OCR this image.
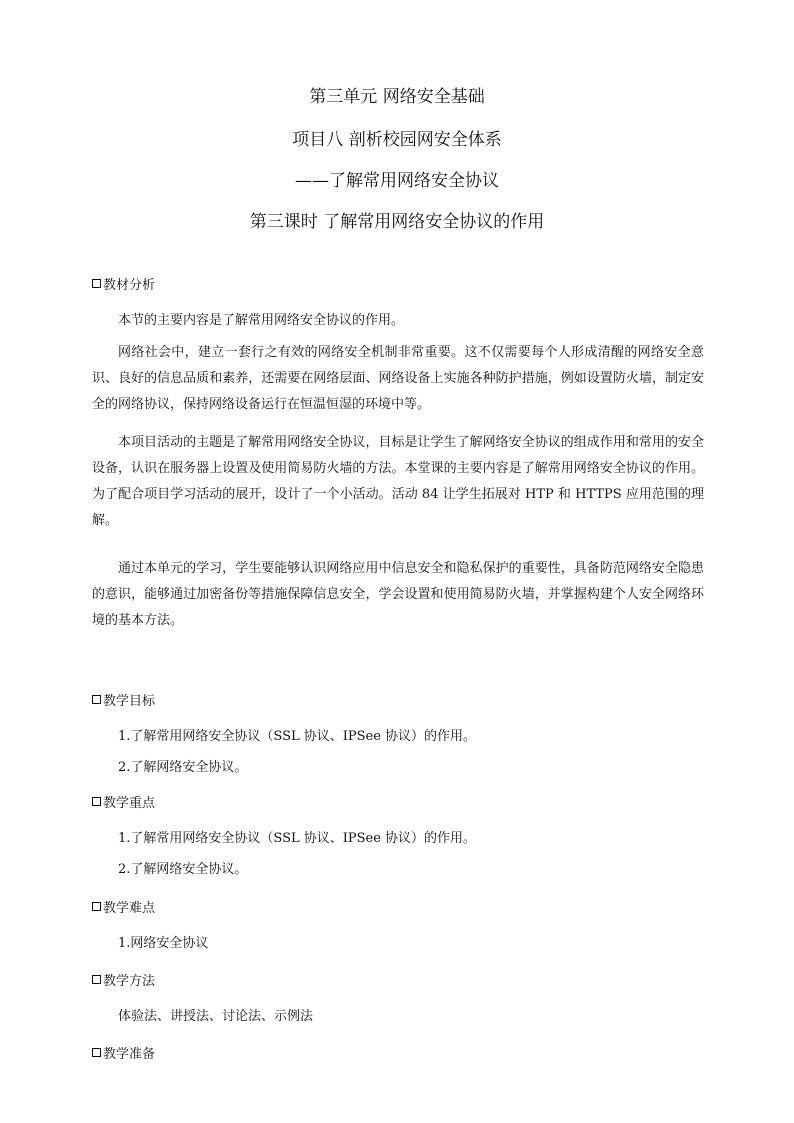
第三单元 网络安全基础
项目八 剖析校园网安全体系
——了解常用网络安全协议
第三课时 了解常用网络安全协议的作用
教材分析
本节的主要内容是了解常用网络安全协议的作用。
网络社会中，建立一套行之有效的网络安全机制非常重要。这不仅需要每个人形成清醒的网络安全意识、良好的信息品质和素养，还需要在网络层面、网络设备上实施各种防护措施，例如设置防火墙，制定安全的网络协议，保持网络设备运行在恒温恒湿的环境中等。
本项目活动的主题是了解常用网络安全协议，目标是让学生了解网络安全协议的组成作用和常用的安全设备，认识在服务器上设置及使用简易防火墙的方法。本堂课的主要内容是了解常用网络安全协议的作用。为了配合项目学习活动的展开，设计了一个小活动。活动 84 让学生拓展对 HTP 和 HTTPS 应用范围的理解。
通过本单元的学习，学生要能够认识网络应用中信息安全和隐私保护的重要性，具备防范网络安全隐患的意识，能够通过加密备份等措施保障信息安全，学会设置和使用简易防火墙，并掌握构建个人安全网络环境的基本方法。
教学目标
1.了解常用网络安全协议（SSL 协议、IPSee 协议）的作用。
2.了解网络安全协议。
教学重点
1.了解常用网络安全协议（SSL 协议、IPSee 协议）的作用。
2.了解网络安全协议。
教学难点
1.网络安全协议
教学方法
体验法、讲授法、讨论法、示例法
教学准备
